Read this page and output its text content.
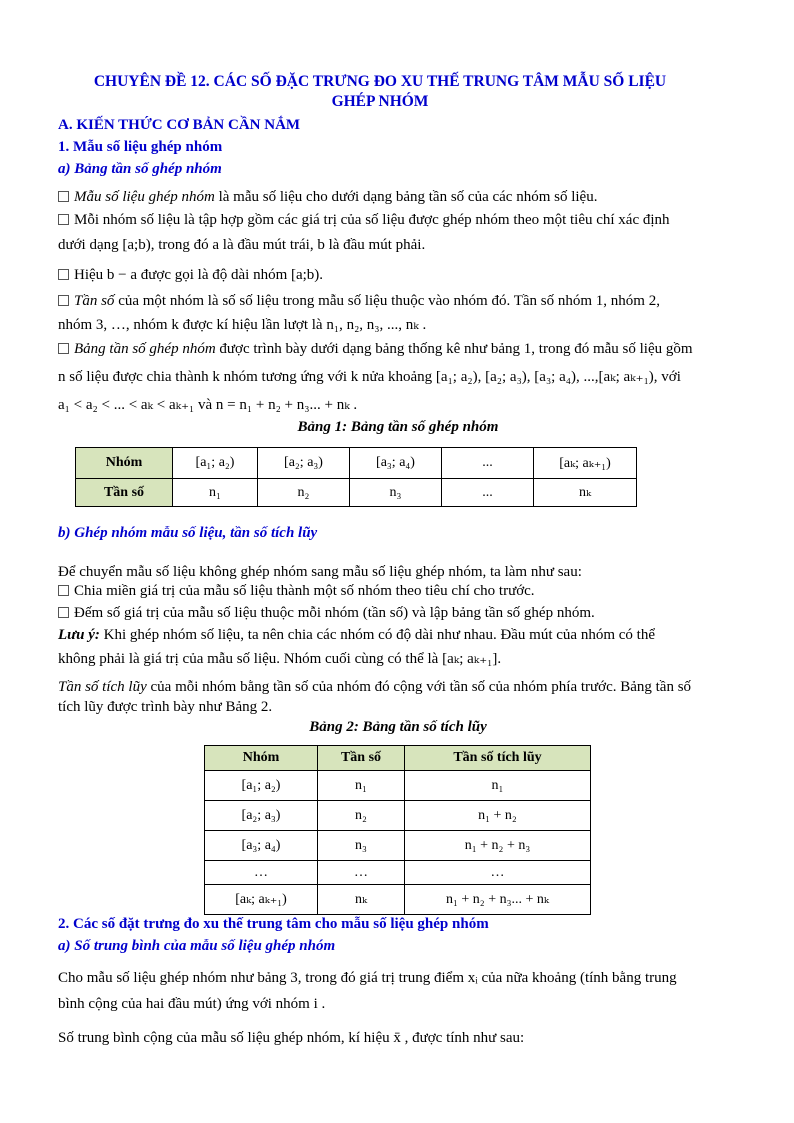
CHUYÊN ĐỀ 12. CÁC SỐ ĐẶC TRƯNG ĐO XU THẾ TRUNG TÂM MẪU SỐ LIỆU
GHÉP NHÓM
A. KIẾN THỨC CƠ BẢN CẦN NẮM
1. Mẫu số liệu ghép nhóm
a) Bảng tần số ghép nhóm
Mẫu số liệu ghép nhóm là mẫu số liệu cho dưới dạng bảng tần số của các nhóm số liệu.
Mỗi nhóm số liệu là tập hợp gồm các giá trị của số liệu được ghép nhóm theo một tiêu chí xác định
dưới dạng [a;b), trong đó a là đầu mút trái, b là đầu mút phải.
Hiệu b − a được gọi là độ dài nhóm [a;b).
Tần số của một nhóm là số số liệu trong mẫu số liệu thuộc vào nhóm đó. Tần số nhóm 1, nhóm 2,
nhóm 3, …, nhóm k được kí hiệu lần lượt là n₁, n₂, n₃, ..., nₖ .
Bảng tần số ghép nhóm được trình bày dưới dạng bảng thống kê như bảng 1, trong đó mẫu số liệu gồm
n số liệu được chia thành k nhóm tương ứng với k nửa khoảng [a₁; a₂), [a₂; a₃), [a₃; a₄), ...,[aₖ; aₖ₊₁), với
a₁ < a₂ < ... < aₖ < aₖ₊₁ và n = n₁ + n₂ + n₃... + nₖ .
Bảng 1: Bảng tần số ghép nhóm
Nhóm	[a₁; a₂)	[a₂; a₃)	[a₃; a₄)	...	[aₖ; aₖ₊₁)
Tần số	n₁	n₂	n₃	...	nₖ
b) Ghép nhóm mẫu số liệu, tần số tích lũy
Để chuyển mẫu số liệu không ghép nhóm sang mẫu số liệu ghép nhóm, ta làm như sau:
Chia miền giá trị của mẫu số liệu thành một số nhóm theo tiêu chí cho trước.
Đếm số giá trị của mẫu số liệu thuộc mỗi nhóm (tần số) và lập bảng tần số ghép nhóm.
Lưu ý: Khi ghép nhóm số liệu, ta nên chia các nhóm có độ dài như nhau. Đầu mút của nhóm có thể
không phải là giá trị của mẫu số liệu. Nhóm cuối cùng có thể là [aₖ; aₖ₊₁].
Tần số tích lũy của mỗi nhóm bằng tần số của nhóm đó cộng với tần số của nhóm phía trước. Bảng tần số
tích lũy được trình bày như Bảng 2.
Bảng 2: Bảng tần số tích lũy
Nhóm	Tần số	Tần số tích lũy
[a₁; a₂)	n₁	n₁
[a₂; a₃)	n₂	n₁ + n₂
[a₃; a₄)	n₃	n₁ + n₂ + n₃
…	…	…
[aₖ; aₖ₊₁)	nₖ	n₁ + n₂ + n₃... + nₖ
2. Các số đặt trưng đo xu thế trung tâm cho mẫu số liệu ghép nhóm
a) Số trung bình của mẫu số liệu ghép nhóm
Cho mẫu số liệu ghép nhóm như bảng 3, trong đó giá trị trung điểm xᵢ của nữa khoảng (tính bằng trung
bình cộng của hai đầu mút) ứng với nhóm i .
Số trung bình cộng của mẫu số liệu ghép nhóm, kí hiệu x̄ , được tính như sau:
